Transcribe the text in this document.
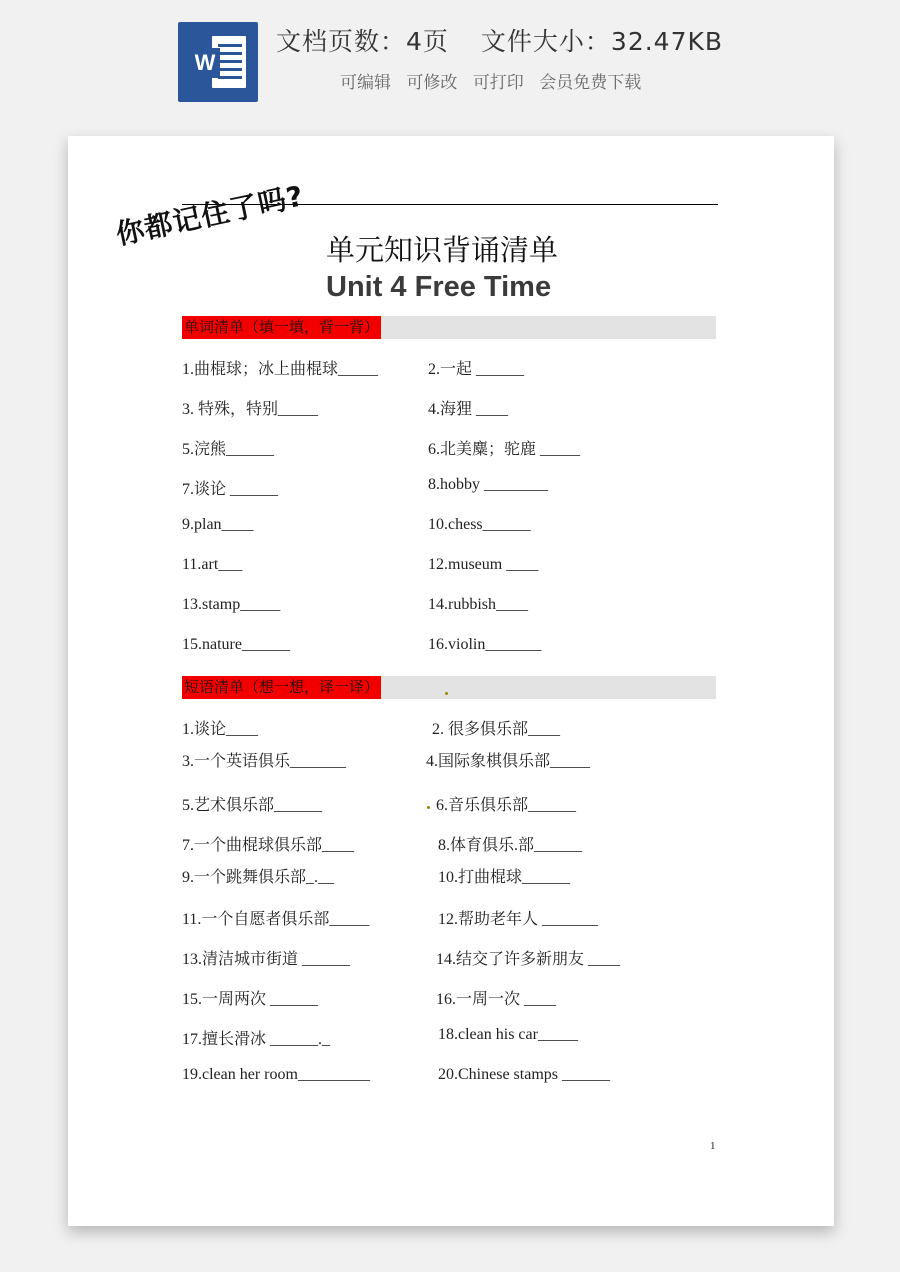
W
文档页数：4页 文件大小：32.47KB
可编辑 可修改 可打印 会员免费下载
你都记住了吗? 单元知识背诵清单
Unit 4 Free Time
单词清单（填一填，背一背）
1.曲棍球；冰上曲棍球_____	2.一起 ______
3. 特殊，特别_____	4.海狸 ____
5.浣熊______	6.北美麋；驼鹿 _____
7.谈论 ______	8.hobby ________
9.plan____	10.chess______
11.art___	12.museum ____
13.stamp_____	14.rubbish____
15.nature______	16.violin_______
短语清单（想一想，译一译）
1.谈论____	2. 很多俱乐部____
3.一个英语俱乐_______	4.国际象棋俱乐部_____
5.艺术俱乐部______	6.音乐俱乐部______
7.一个曲棍球俱乐部____	8.体育俱乐.部______
9.一个跳舞俱乐部_.__	10.打曲棍球______
11.一个自愿者俱乐部_____	12.帮助老年人 _______
13.清洁城市街道 ______	14.结交了许多新朋友 ____
15.一周两次 ______	16.一周一次 ____
17.擅长滑冰 ______._	18.clean his car_____
19.clean her room_________	20.Chinese stamps ______
1
